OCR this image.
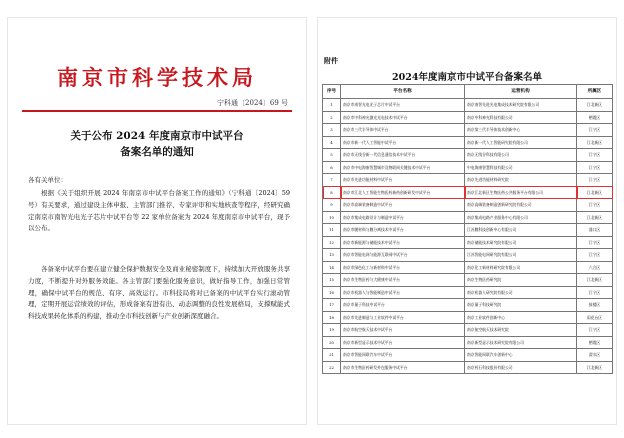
南京市科学技术局
宁科通〔2024〕69 号
关于公布 2024 年度南京市中试平台
备案名单的通知
各有关单位：
根据《关于组织开展 2024 年南京市中试平台备案工作的通知》（宁科通〔2024〕59 号）有关要求，通过建设主体申报、主管部门推荐、专家评审和实地核查等程序，经研究确定南京市南智光电光子芯片中试平台等 22 家单位备案为 2024 年度南京市中试平台，现予以公布。
各备案中试平台要在建立健全保护数据安全及商业秘密制度下，持续加大开放服务共享力度，不断提升对外服务效能。各主管部门要强化服务意识，做好指导工作，加强日常管理，确保中试平台的规范、有序、高效运行。市科技局将对已备案的中试平台实行滚动管理，定期开展运营绩效的评估，形成备案有进有出、动态调整的良性发展格局，支撑赋能式科技成果转化体系的构建，推动全市科技创新与产业创新深度融合。
附件
2024年度南京市中试平台备案名单
序号	平台名称	运营机构	所属区
1	南京市南智光电光子芯片中试平台	南京南智先进光电集成技术研究院有限公司	江北新区
2	南京市中科神光激光光电技术中试平台	南京中科神光科技有限公司	栖霞区
3	南京市三代半导体中试平台	南京第三代半导体技术创新中心	江宁区
4	南京市新一代人工智能中试平台	南京新一代人工智能研究院有限公司	江北新区
5	南京市无线谷新一代信息通信技术中试平台	南京无线谷科技有限公司	江宁区
6	南京市中电海康智慧城市及物联网关键技术中试平台	中电海康智慧科技有限公司	江宁区
7	南京市先进功能材料中试平台	南京先进功能材料研究院	江宁区
8	南京市江北人工智能生物医药新药创新研发中试平台	南京江北新区生物医药公共服务平台有限公司	江北新区
9	南京市高端装备制造中试平台	南京高端装备制造创新研究院有限公司	江宁区
10	南京市集成电路设计与制造中试平台	南京集成电路产业服务中心有限公司	江北新区
11	南京市膜材料与膜分离技术中试平台	江苏膜科技创新中心有限公司	浦口区
12	南京市新能源与储能技术中试平台	南京储能技术研究院有限公司	江宁区
13	南京市智能电网与能源互联网中试平台	江苏智能电网研究院有限公司	江宁区
14	南京市绿色化工与新材料中试平台	南京化工新材料研究院有限公司	六合区
15	南京市生物医药与大健康中试平台	南京生物医药研究院	江北新区
16	南京市机器人与智能制造中试平台	南京机器人研究院有限公司	江宁区
17	南京市量子科技中试平台	南京量子科技研究院	鼓楼区
18	南京市先进制造与工业软件中试平台	南京工业软件创新中心	雨花台区
19	南京市航空航天技术中试平台	南京航空航天技术研究院	江宁区
20	南京市新型显示技术中试平台	南京新型显示技术研究院有限公司	栖霞区
21	南京市智能网联汽车中试平台	南京智能网联汽车创新中心	溧水区
22	南京市生物医药研发外包服务中试平台	南京药石科技股份有限公司	江北新区
